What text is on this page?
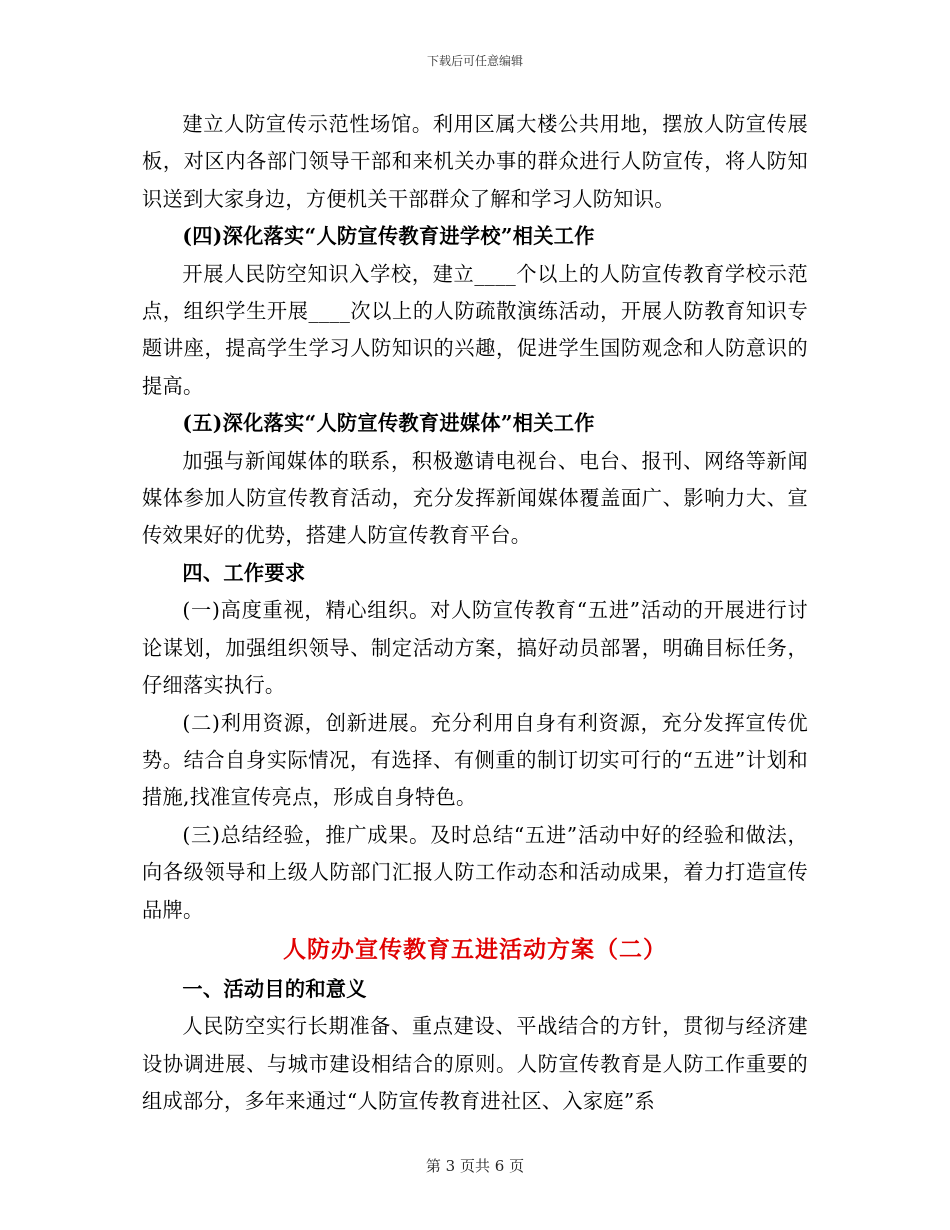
下载后可任意编辑

建立人防宣传示范性场馆。利用区属大楼公共用地，摆放人防宣传展板，对区内各部门领导干部和来机关办事的群众进行人防宣传，将人防知识送到大家身边，方便机关干部群众了解和学习人防知识。

(四)深化落实“人防宣传教育进学校”相关工作

开展人民防空知识入学校，建立____个以上的人防宣传教育学校示范点，组织学生开展____次以上的人防疏散演练活动，开展人防教育知识专题讲座，提高学生学习人防知识的兴趣，促进学生国防观念和人防意识的提高。

(五)深化落实“人防宣传教育进媒体”相关工作

加强与新闻媒体的联系，积极邀请电视台、电台、报刊、网络等新闻媒体参加人防宣传教育活动，充分发挥新闻媒体覆盖面广、影响力大、宣传效果好的优势，搭建人防宣传教育平台。

四、工作要求

(一)高度重视，精心组织。对人防宣传教育“五进”活动的开展进行讨论谋划，加强组织领导、制定活动方案，搞好动员部署，明确目标任务，仔细落实执行。

(二)利用资源，创新进展。充分利用自身有利资源，充分发挥宣传优势。结合自身实际情况，有选择、有侧重的制订切实可行的“五进”计划和措施,找准宣传亮点，形成自身特色。

(三)总结经验，推广成果。及时总结“五进”活动中好的经验和做法，向各级领导和上级人防部门汇报人防工作动态和活动成果，着力打造宣传品牌。

人防办宣传教育五进活动方案（二）

一、活动目的和意义

人民防空实行长期准备、重点建设、平战结合的方针，贯彻与经济建设协调进展、与城市建设相结合的原则。人防宣传教育是人防工作重要的组成部分，多年来通过“人防宣传教育进社区、入家庭”系

第 3 页共 6 页
